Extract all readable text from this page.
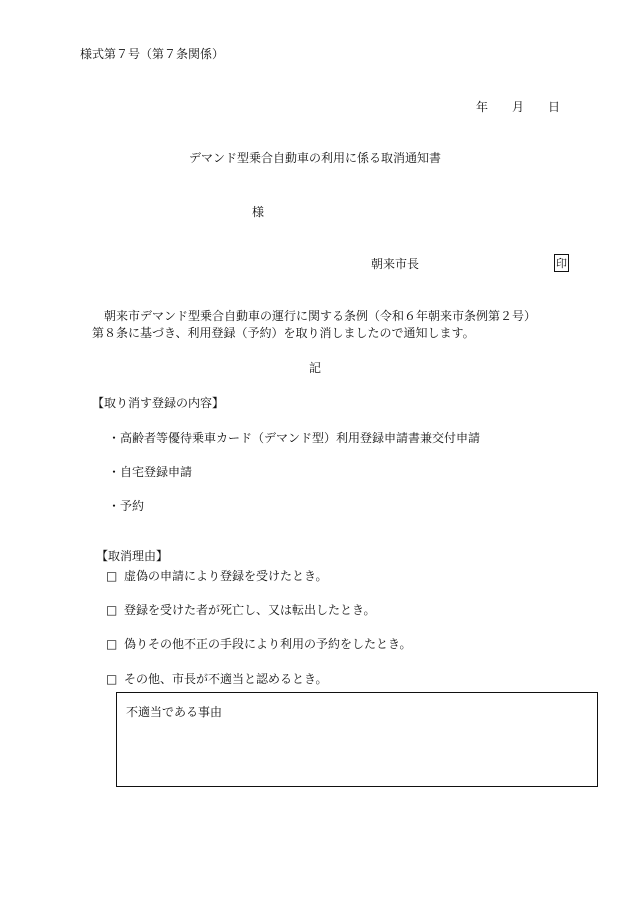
様式第７号（第７条関係）
年 月 日
デマンド型乗合自動車の利用に係る取消通知書
様
朝来市長	印
朝来市デマンド型乗合自動車の運行に関する条例（令和６年朝来市条例第２号）
第８条に基づき、利用登録（予約）を取り消しましたので通知します。
記
【取り消す登録の内容】
・高齢者等優待乗車カード（デマンド型）利用登録申請書兼交付申請
・自宅登録申請
・予約
【取消理由】
□ 虚偽の申請により登録を受けたとき。
□ 登録を受けた者が死亡し、又は転出したとき。
□ 偽りその他不正の手段により利用の予約をしたとき。
□ その他、市長が不適当と認めるとき。
不適当である事由
